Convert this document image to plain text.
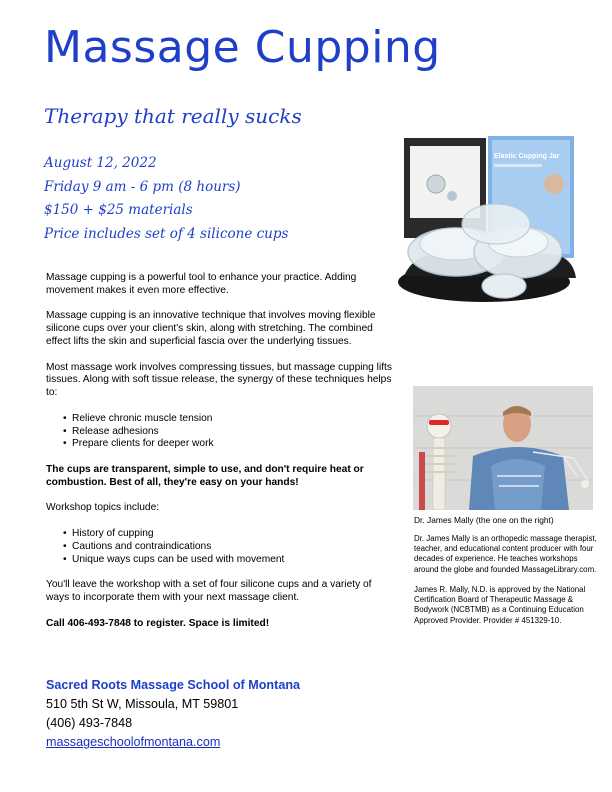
Massage Cupping
Therapy that really sucks
August 12, 2022
Friday 9 am - 6 pm (8 hours)
$150 + $25 materials
Price includes set of 4 silicone cups
Elastic Cupping Jar

Massage cupping is a powerful tool to enhance your practice. Adding movement makes it even more effective.

Massage cupping is an innovative technique that involves moving flexible silicone cups over your client's skin, along with stretching. The combined effect lifts the skin and superficial fascia over the underlying tissues.

Most massage work involves compressing tissues, but massage cupping lifts tissues. Along with soft tissue release, the synergy of these techniques helps to:

• Relieve chronic muscle tension
• Release adhesions
• Prepare clients for deeper work

The cups are transparent, simple to use, and don't require heat or combustion. Best of all, they're easy on your hands!

Workshop topics include:

• History of cupping
• Cautions and contraindications
• Unique ways cups can be used with movement

You'll leave the workshop with a set of four silicone cups and a variety of ways to incorporate them with your next massage client.

Call 406-493-7848 to register. Space is limited!

Sacred Roots Massage School of Montana
510 5th St W, Missoula, MT 59801
(406) 493-7848
massageschoolofmontana.com
Dr. James Mally (the one on the right)

Dr. James Mally is an orthopedic massage therapist, teacher, and educational content producer with four decades of experience. He teaches workshops around the globe and founded MassageLibrary.com.

James R. Mally, N.D. is approved by the National Certification Board of Therapeutic Massage & Bodywork (NCBTMB) as a Continuing Education Approved Provider. Provider # 451329-10.
